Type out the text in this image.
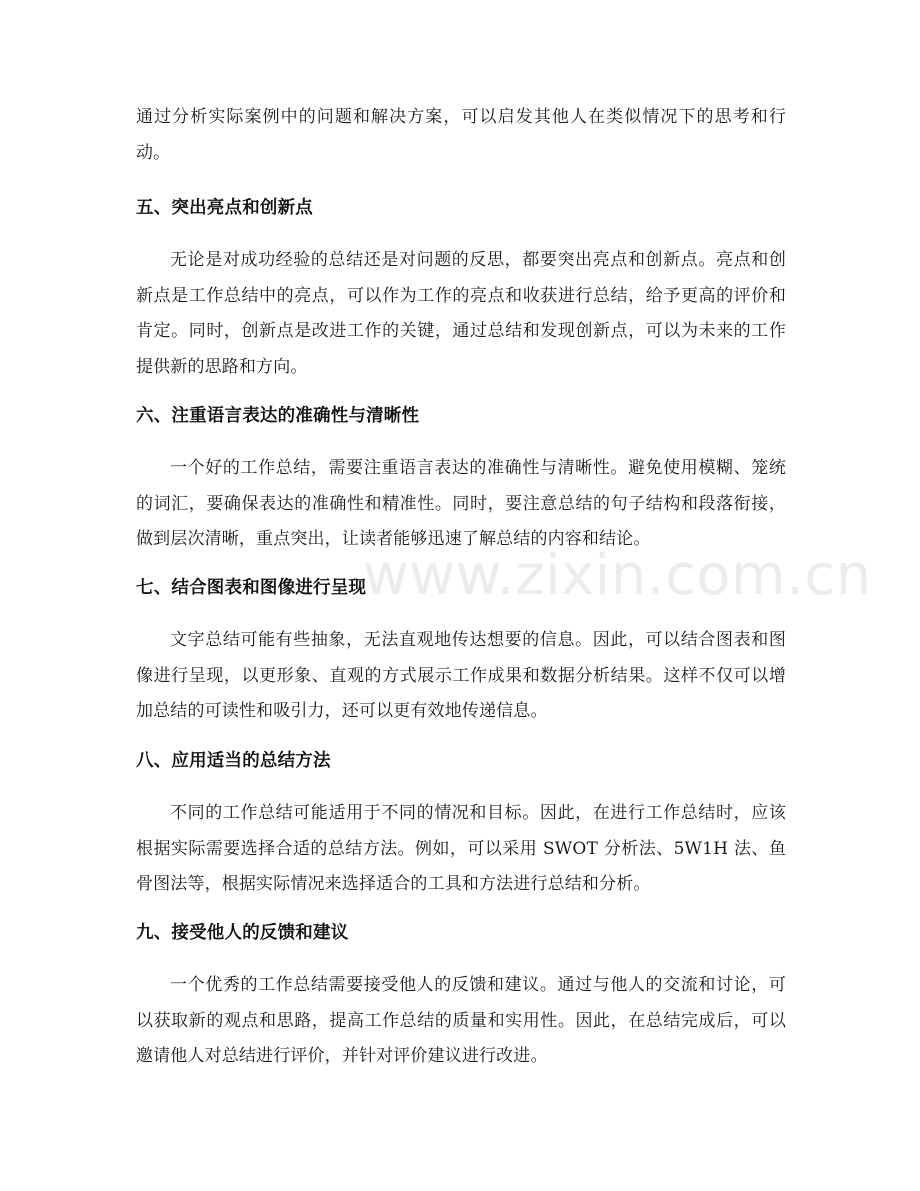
通过分析实际案例中的问题和解决方案，可以启发其他人在类似情况下的思考和行动。

五、突出亮点和创新点

无论是对成功经验的总结还是对问题的反思，都要突出亮点和创新点。亮点和创新点是工作总结中的亮点，可以作为工作的亮点和收获进行总结，给予更高的评价和肯定。同时，创新点是改进工作的关键，通过总结和发现创新点，可以为未来的工作提供新的思路和方向。

六、注重语言表达的准确性与清晰性

一个好的工作总结，需要注重语言表达的准确性与清晰性。避免使用模糊、笼统的词汇，要确保表达的准确性和精准性。同时，要注意总结的句子结构和段落衔接，做到层次清晰，重点突出，让读者能够迅速了解总结的内容和结论。

七、结合图表和图像进行呈现

文字总结可能有些抽象，无法直观地传达想要的信息。因此，可以结合图表和图像进行呈现，以更形象、直观的方式展示工作成果和数据分析结果。这样不仅可以增加总结的可读性和吸引力，还可以更有效地传递信息。

八、应用适当的总结方法

不同的工作总结可能适用于不同的情况和目标。因此，在进行工作总结时，应该根据实际需要选择合适的总结方法。例如，可以采用 SWOT 分析法、5W1H 法、鱼骨图法等，根据实际情况来选择适合的工具和方法进行总结和分析。

九、接受他人的反馈和建议

一个优秀的工作总结需要接受他人的反馈和建议。通过与他人的交流和讨论，可以获取新的观点和思路，提高工作总结的质量和实用性。因此，在总结完成后，可以邀请他人对总结进行评价，并针对评价建议进行改进。

www.zixin.com.cn
